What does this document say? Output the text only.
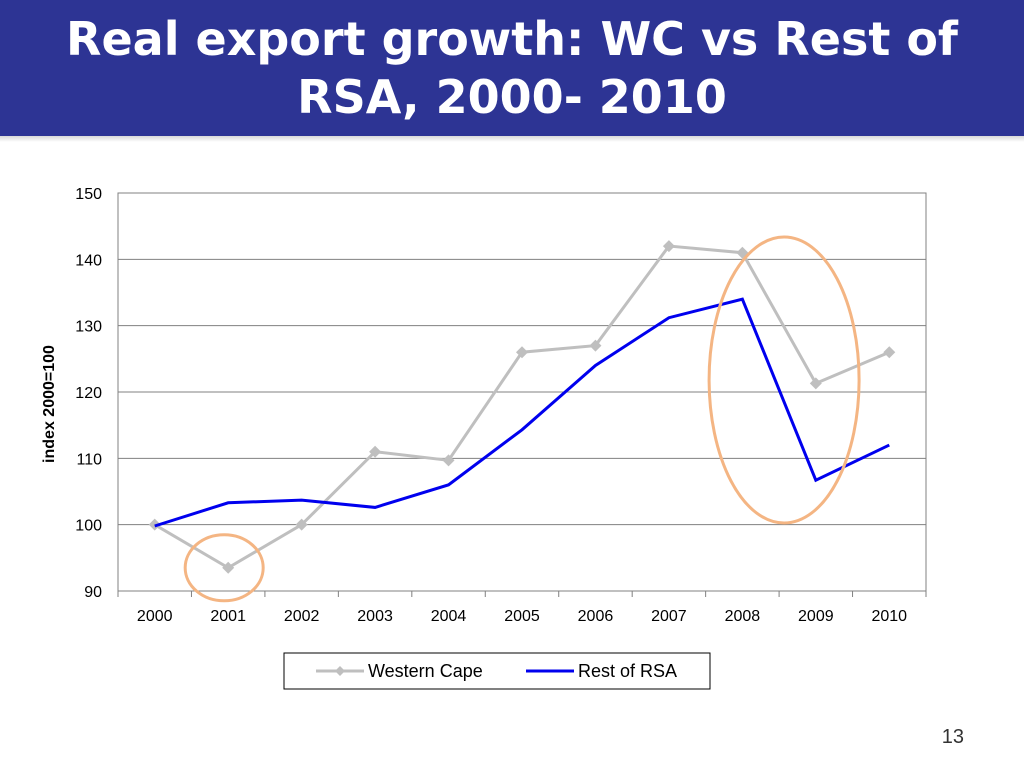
Real export growth: WC vs Rest of RSA, 2000- 2010
90
100
110
120
130
140
150
2000 2001 2002 2003 2004 2005 2006 2007 2008 2009 2010
index 2000=100
Western Cape	Rest of RSA
13
